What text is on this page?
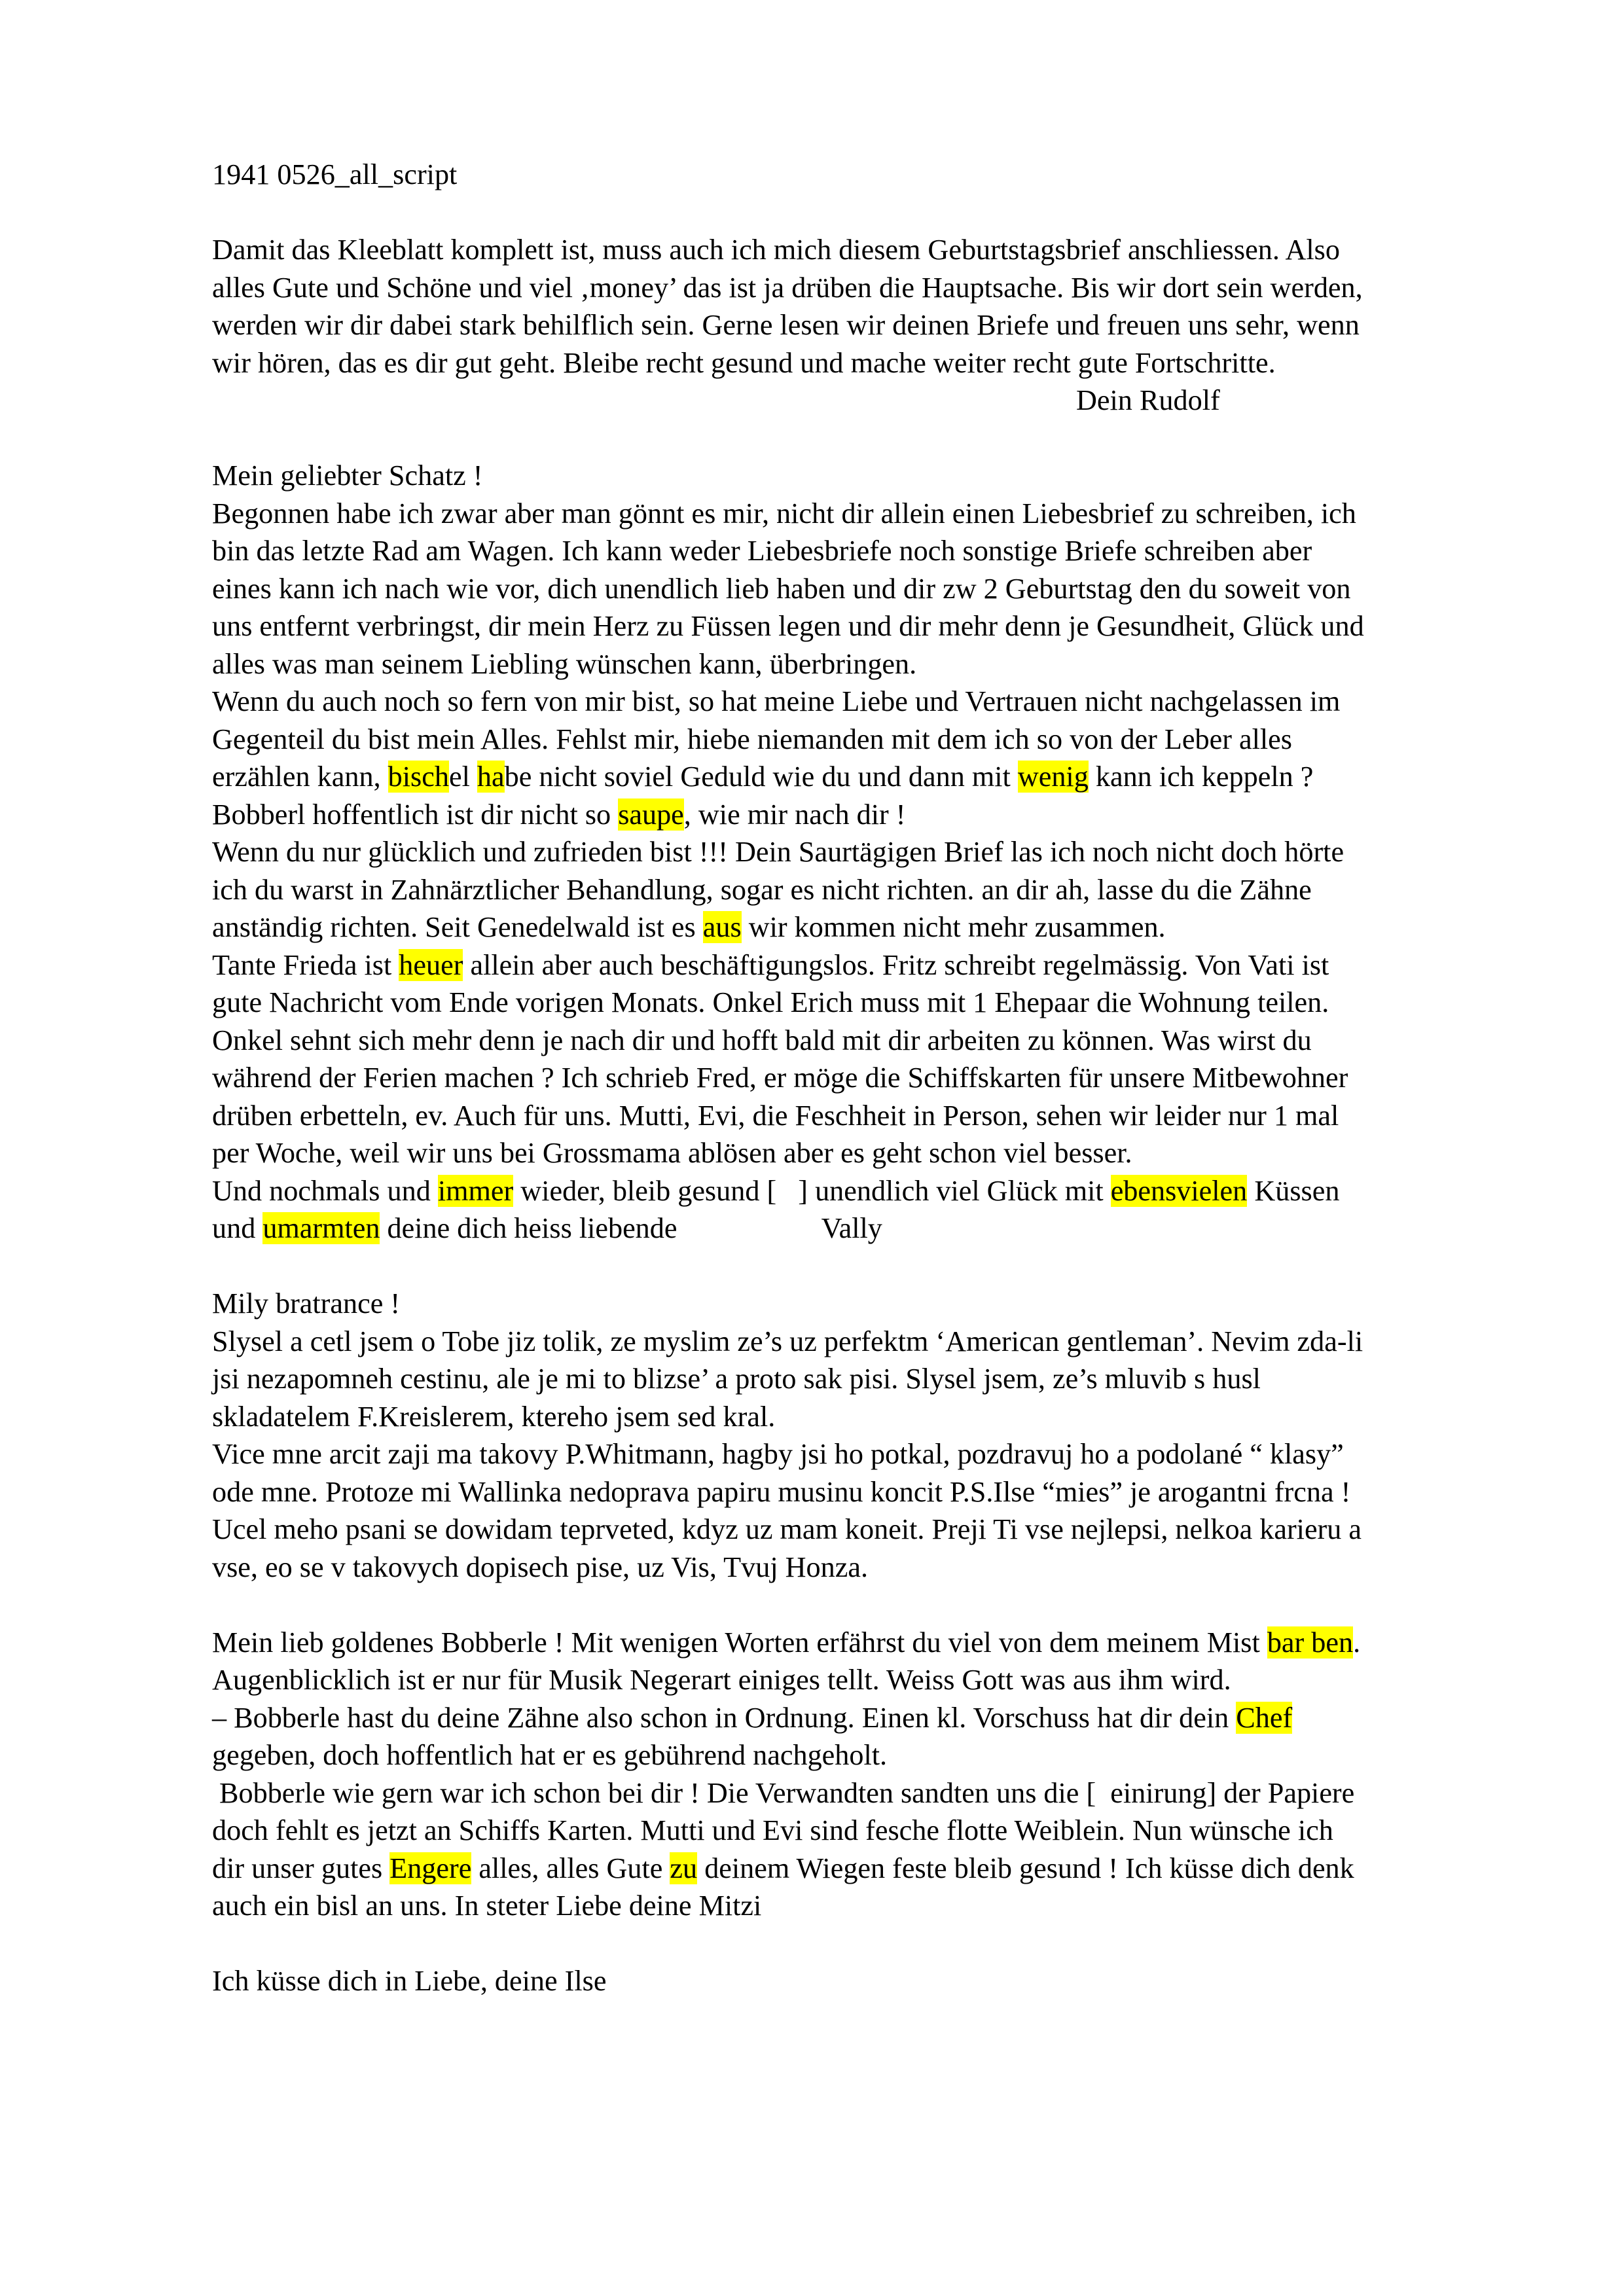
1941 0526_all_script
Damit das Kleeblatt komplett ist, muss auch ich mich diesem Geburtstagsbrief anschliessen. Also
alles Gute und Schöne und viel ‚money’ das ist ja drüben die Hauptsache. Bis wir dort sein werden,
werden wir dir dabei stark behilflich sein. Gerne lesen wir deinen Briefe und freuen uns sehr, wenn
wir hören, das es dir gut geht. Bleibe recht gesund und mache weiter recht gute Fortschritte.
Dein Rudolf
Mein geliebter Schatz !
Begonnen habe ich zwar aber man gönnt es mir, nicht dir allein einen Liebesbrief zu schreiben, ich
bin das letzte Rad am Wagen. Ich kann weder Liebesbriefe noch sonstige Briefe schreiben aber
eines kann ich nach wie vor, dich unendlich lieb haben und dir zw 2 Geburtstag den du soweit von
uns entfernt verbringst, dir mein Herz zu Füssen legen und dir mehr denn je Gesundheit, Glück und
alles was man seinem Liebling wünschen kann, überbringen.
Wenn du auch noch so fern von mir bist, so hat meine Liebe und Vertrauen nicht nachgelassen im
Gegenteil du bist mein Alles. Fehlst mir, hiebe niemanden mit dem ich so von der Leber alles
erzählen kann, bischel habe nicht soviel Geduld wie du und dann mit wenig kann ich keppeln ?
Bobberl hoffentlich ist dir nicht so saupe, wie mir nach dir !
Wenn du nur glücklich und zufrieden bist !!! Dein Saurtägigen Brief las ich noch nicht doch hörte
ich du warst in Zahnärztlicher Behandlung, sogar es nicht richten. an dir ah, lasse du die Zähne
anständig richten. Seit Genedelwald ist es aus wir kommen nicht mehr zusammen.
Tante Frieda ist heuer allein aber auch beschäftigungslos. Fritz schreibt regelmässig. Von Vati ist
gute Nachricht vom Ende vorigen Monats. Onkel Erich muss mit 1 Ehepaar die Wohnung teilen.
Onkel sehnt sich mehr denn je nach dir und hofft bald mit dir arbeiten zu können. Was wirst du
während der Ferien machen ? Ich schrieb Fred, er möge die Schiffskarten für unsere Mitbewohner
drüben erbetteln, ev. Auch für uns. Mutti, Evi, die Feschheit in Person, sehen wir leider nur 1 mal
per Woche, weil wir uns bei Grossmama ablösen aber es geht schon viel besser.
Und nochmals und immer wieder, bleib gesund [   ] unendlich viel Glück mit ebensvielen Küssen
und umarmten deine dich heiss liebende                    Vally
Mily bratrance !
Slysel a cetl jsem o Tobe jiz tolik, ze myslim ze’s uz perfektm ‘American gentleman’. Nevim zda-li
jsi nezapomneh cestinu, ale je mi to blizse’ a proto sak pisi. Slysel jsem, ze’s mluvib s husl
skladatelem F.Kreislerem, ktereho jsem sed kral.
Vice mne arcit zaji ma takovy P.Whitmann, hagby jsi ho potkal, pozdravuj ho a podolané “ klasy”
ode mne. Protoze mi Wallinka nedoprava papiru musinu koncit P.S.Ilse “mies” je arogantni frcna !
Ucel meho psani se dowidam teprveted, kdyz uz mam koneit. Preji Ti vse nejlepsi, nelkoa karieru a
vse, eo se v takovych dopisech pise, uz Vis, Tvuj Honza.
Mein lieb goldenes Bobberle ! Mit wenigen Worten erfährst du viel von dem meinem Mist bar ben.
Augenblicklich ist er nur für Musik Negerart einiges tellt. Weiss Gott was aus ihm wird.
– Bobberle hast du deine Zähne also schon in Ordnung. Einen kl. Vorschuss hat dir dein Chef
gegeben, doch hoffentlich hat er es gebührend nachgeholt.
Bobberle wie gern war ich schon bei dir ! Die Verwandten sandten uns die [  einirung] der Papiere
doch fehlt es jetzt an Schiffs Karten. Mutti und Evi sind fesche flotte Weiblein. Nun wünsche ich
dir unser gutes Engere alles, alles Gute zu deinem Wiegen feste bleib gesund ! Ich küsse dich denk
auch ein bisl an uns. In steter Liebe deine Mitzi
Ich küsse dich in Liebe, deine Ilse
